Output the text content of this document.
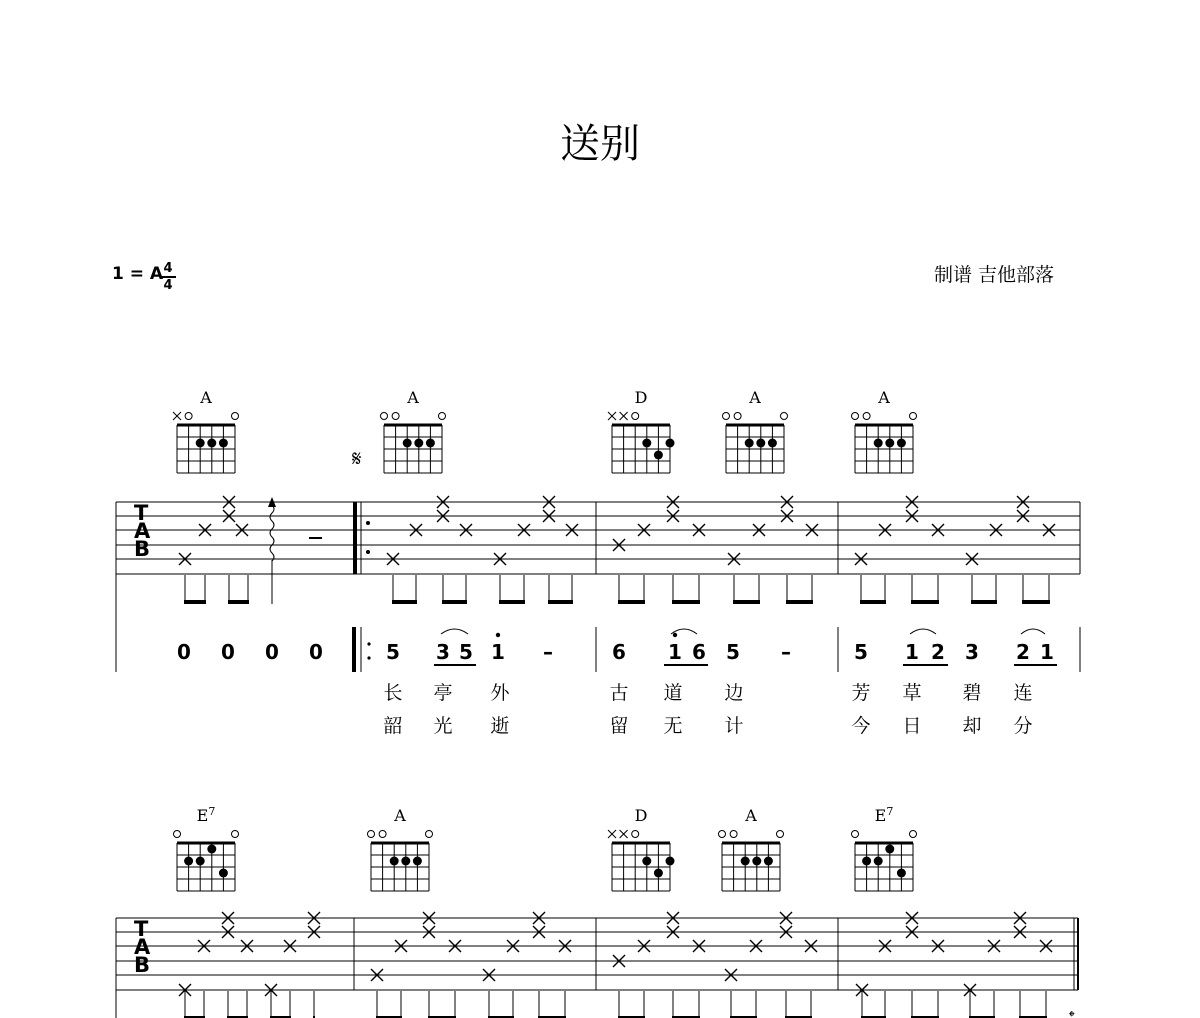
送别
1 = A 4
4	制谱 吉他部落
A	A	D	A	A
$E^7$	A	D	A	$E^7$
T
A
B
𝄋
0 0 0 0	5 3 5 1 –	6 1 6 5 –	5 1 2 3 2 1
长 亭 外	古 道 边	芳 草 碧 连
韶 光 逝	留 无 计	今 日 却 分
T
A
B
𝄌
